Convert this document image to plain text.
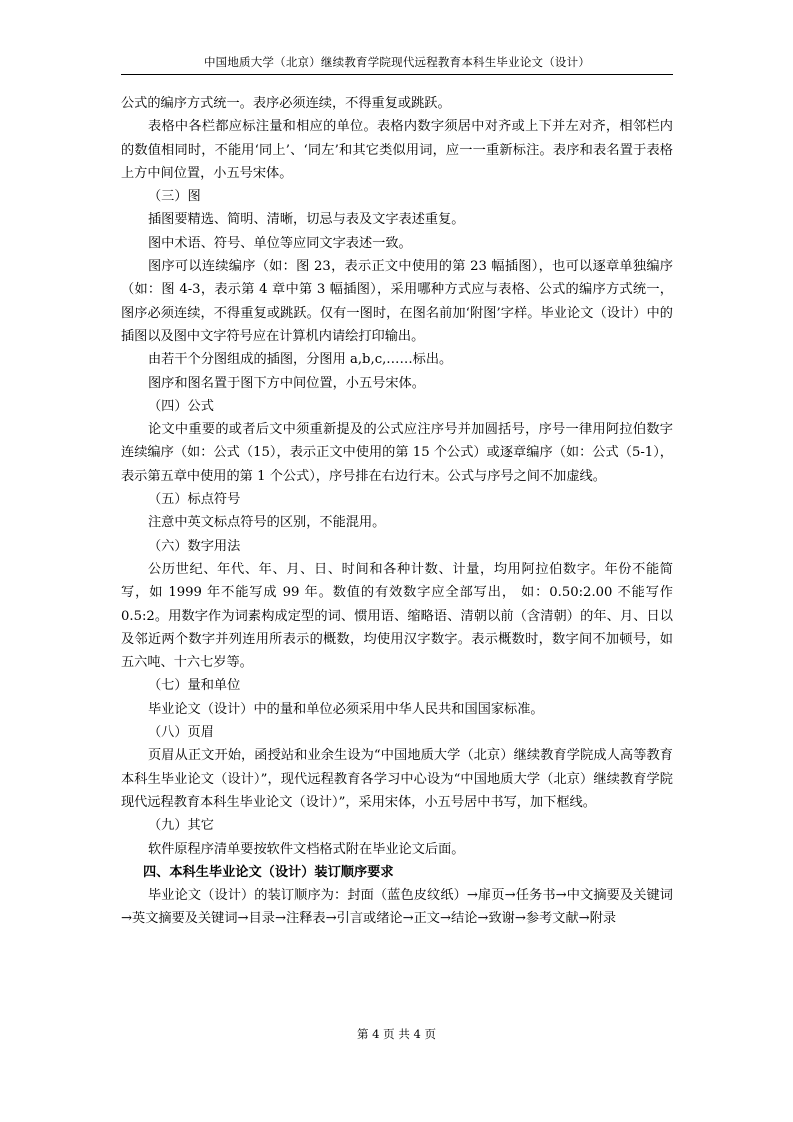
中国地质大学（北京）继续教育学院现代远程教育本科生毕业论文（设计）

公式的编序方式统一。表序必须连续，不得重复或跳跃。

表格中各栏都应标注量和相应的单位。表格内数字须居中对齐或上下并左对齐，相邻栏内的数值相同时，不能用‘同上’、‘同左’和其它类似用词，应一一重新标注。表序和表名置于表格上方中间位置，小五号宋体。

（三）图

插图要精选、简明、清晰，切忌与表及文字表述重复。

图中术语、符号、单位等应同文字表述一致。

图序可以连续编序（如：图 23，表示正文中使用的第 23 幅插图），也可以逐章单独编序（如：图 4-3，表示第 4 章中第 3 幅插图），采用哪种方式应与表格、公式的编序方式统一，图序必须连续，不得重复或跳跃。仅有一图时，在图名前加‘附图’字样。毕业论文（设计）中的插图以及图中文字符号应在计算机内请绘打印输出。

由若干个分图组成的插图，分图用 a,b,c,……标出。

图序和图名置于图下方中间位置，小五号宋体。

（四）公式

论文中重要的或者后文中须重新提及的公式应注序号并加圆括号，序号一律用阿拉伯数字连续编序（如：公式（15），表示正文中使用的第 15 个公式）或逐章编序（如：公式（5-1），表示第五章中使用的第 1 个公式），序号排在右边行末。公式与序号之间不加虚线。

（五）标点符号

注意中英文标点符号的区别，不能混用。

（六）数字用法

公历世纪、年代、年、月、日、时间和各种计数、计量，均用阿拉伯数字。年份不能简写，如 1999 年不能写成 99 年。数值的有效数字应全部写出， 如：0.50:2.00 不能写作 0.5:2。用数字作为词素构成定型的词、惯用语、缩略语、清朝以前（含清朝）的年、月、日以及邻近两个数字并列连用所表示的概数，均使用汉字数字。表示概数时，数字间不加顿号，如五六吨、十六七岁等。

（七）量和单位

毕业论文（设计）中的量和单位必须采用中华人民共和国国家标准。

（八）页眉

页眉从正文开始，函授站和业余生设为“中国地质大学（北京）继续教育学院成人高等教育本科生毕业论文（设计）”，现代远程教育各学习中心设为“中国地质大学（北京）继续教育学院现代远程教育本科生毕业论文（设计）”，采用宋体，小五号居中书写，加下框线。

（九）其它

软件原程序清单要按软件文档格式附在毕业论文后面。

四、本科生毕业论文（设计）装订顺序要求

毕业论文（设计）的装订顺序为：封面（蓝色皮纹纸）→扉页→任务书→中文摘要及关键词→英文摘要及关键词→目录→注释表→引言或绪论→正文→结论→致谢→参考文献→附录

第 4 页 共 4 页
